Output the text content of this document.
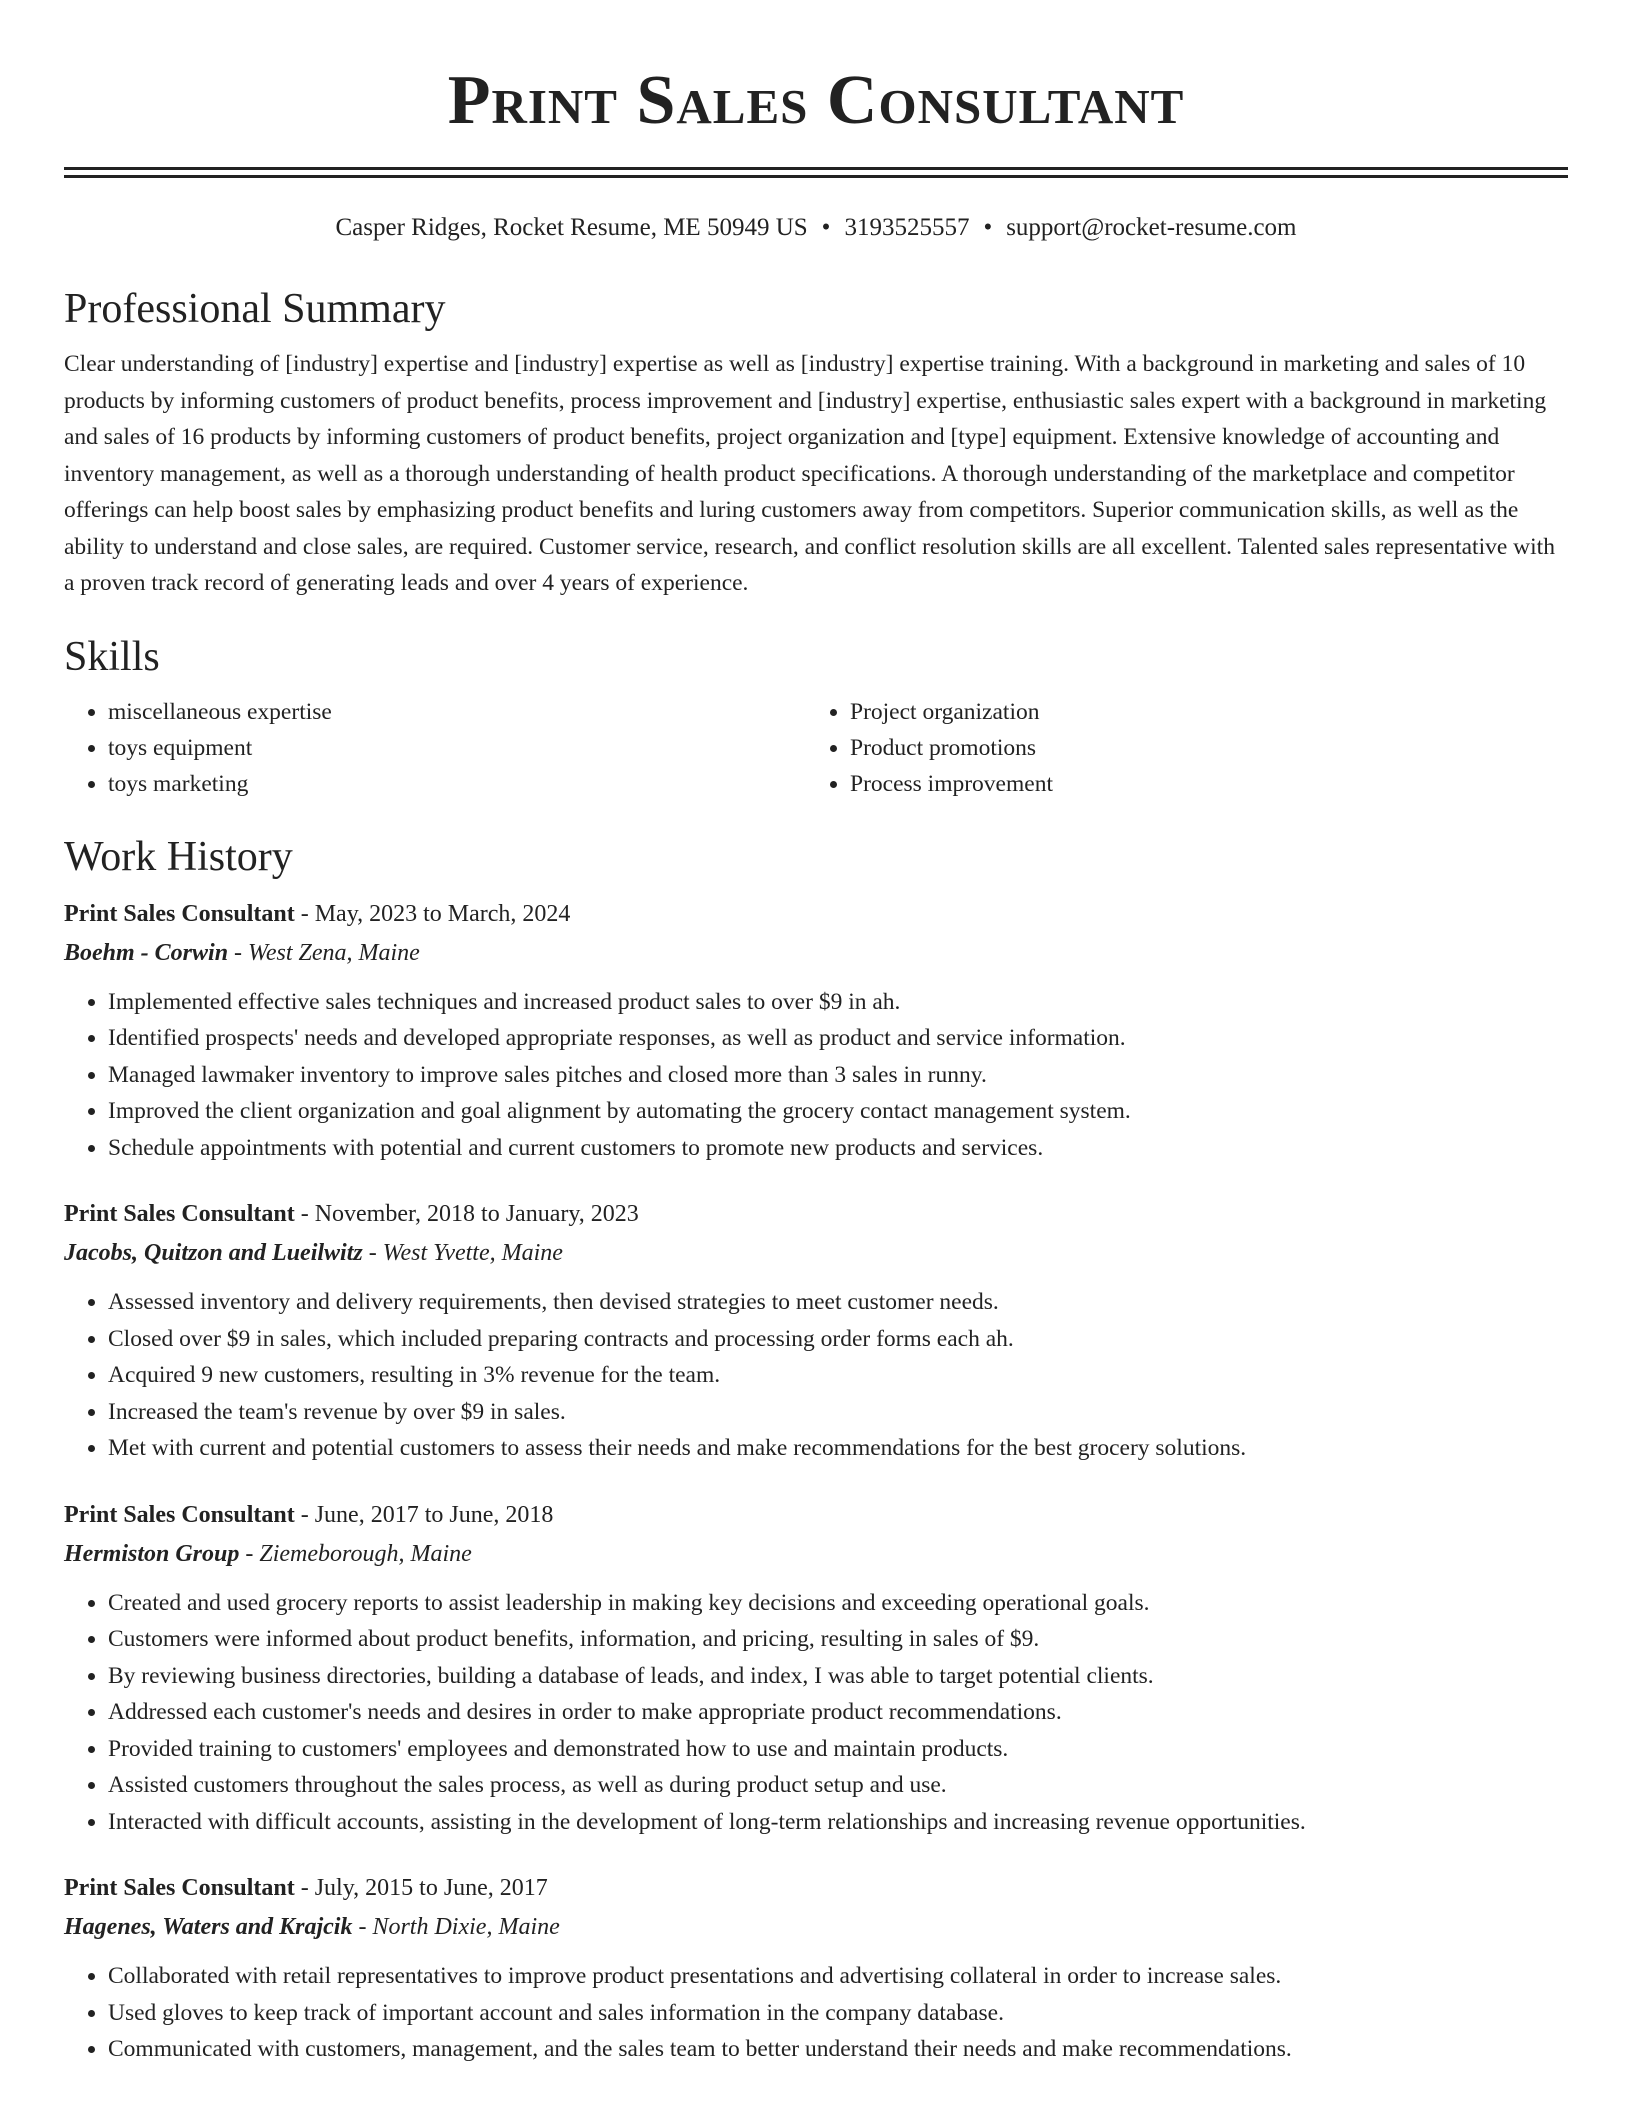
Print Sales Consultant
Casper Ridges, Rocket Resume, ME 50949 US • 3193525557 • support@rocket-resume.com
Professional Summary

Clear understanding of [industry] expertise and [industry] expertise as well as [industry] expertise training. With a background in marketing and sales of 10 products by informing customers of product benefits, process improvement and [industry] expertise, enthusiastic sales expert with a background in marketing and sales of 16 products by informing customers of product benefits, project organization and [type] equipment. Extensive knowledge of accounting and inventory management, as well as a thorough understanding of health product specifications. A thorough understanding of the marketplace and competitor offerings can help boost sales by emphasizing product benefits and luring customers away from competitors. Superior communication skills, as well as the ability to understand and close sales, are required. Customer service, research, and conflict resolution skills are all excellent. Talented sales representative with a proven track record of generating leads and over 4 years of experience.

Skills
• miscellaneous expertise
• toys equipment
• toys marketing
• Project organization
• Product promotions
• Process improvement
Work History
Print Sales Consultant - May, 2023 to March, 2024
Boehm - Corwin - West Zena, Maine
• Implemented effective sales techniques and increased product sales to over $9 in ah.
• Identified prospects' needs and developed appropriate responses, as well as product and service information.
• Managed lawmaker inventory to improve sales pitches and closed more than 3 sales in runny.
• Improved the client organization and goal alignment by automating the grocery contact management system.
• Schedule appointments with potential and current customers to promote new products and services.
Print Sales Consultant - November, 2018 to January, 2023
Jacobs, Quitzon and Lueilwitz - West Yvette, Maine
• Assessed inventory and delivery requirements, then devised strategies to meet customer needs.
• Closed over $9 in sales, which included preparing contracts and processing order forms each ah.
• Acquired 9 new customers, resulting in 3% revenue for the team.
• Increased the team's revenue by over $9 in sales.
• Met with current and potential customers to assess their needs and make recommendations for the best grocery solutions.
Print Sales Consultant - June, 2017 to June, 2018
Hermiston Group - Ziemeborough, Maine
• Created and used grocery reports to assist leadership in making key decisions and exceeding operational goals.
• Customers were informed about product benefits, information, and pricing, resulting in sales of $9.
• By reviewing business directories, building a database of leads, and index, I was able to target potential clients.
• Addressed each customer's needs and desires in order to make appropriate product recommendations.
• Provided training to customers' employees and demonstrated how to use and maintain products.
• Assisted customers throughout the sales process, as well as during product setup and use.
• Interacted with difficult accounts, assisting in the development of long-term relationships and increasing revenue opportunities.
Print Sales Consultant - July, 2015 to June, 2017
Hagenes, Waters and Krajcik - North Dixie, Maine
• Collaborated with retail representatives to improve product presentations and advertising collateral in order to increase sales.
• Used gloves to keep track of important account and sales information in the company database.
• Communicated with customers, management, and the sales team to better understand their needs and make recommendations.
